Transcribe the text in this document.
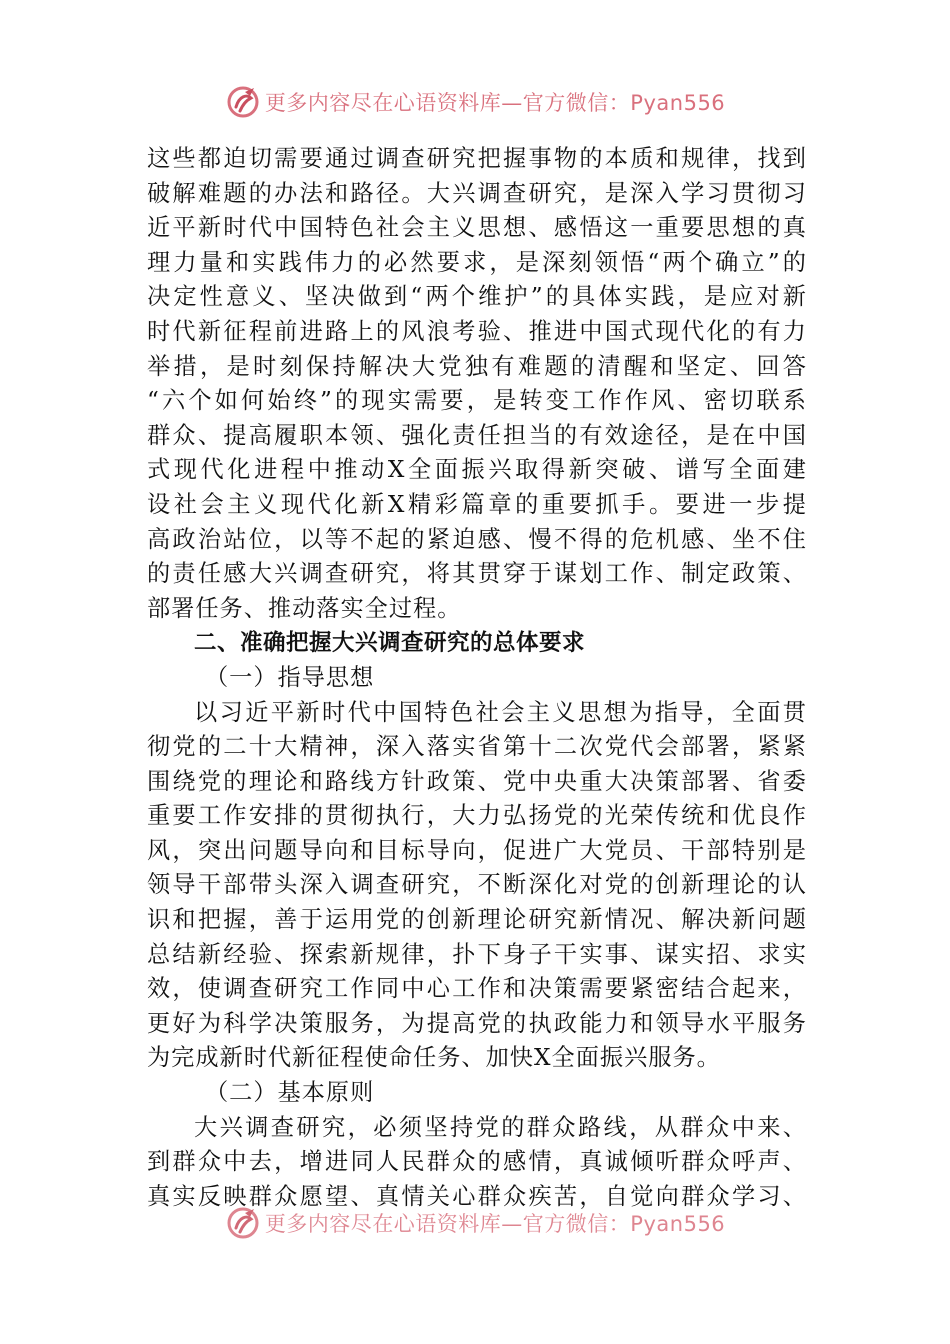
更多内容尽在心语资料库—官方微信：Pyan556

这些都迫切需要通过调查研究把握事物的本质和规律，找到

破解难题的办法和路径。大兴调查研究，是深入学习贯彻习

近平新时代中国特色社会主义思想、感悟这一重要思想的真

理力量和实践伟力的必然要求，是深刻领悟“两个确立”的

决定性意义、坚决做到“两个维护”的具体实践，是应对新

时代新征程前进路上的风浪考验、推进中国式现代化的有力

举措，是时刻保持解决大党独有难题的清醒和坚定、回答

“六个如何始终”的现实需要，是转变工作作风、密切联系

群众、提高履职本领、强化责任担当的有效途径，是在中国

式现代化进程中推动X全面振兴取得新突破、谱写全面建

设社会主义现代化新X精彩篇章的重要抓手。要进一步提

高政治站位，以等不起的紧迫感、慢不得的危机感、坐不住

的责任感大兴调查研究，将其贯穿于谋划工作、制定政策、

部署任务、推动落实全过程。

二、准确把握大兴调查研究的总体要求

（一）指导思想

以习近平新时代中国特色社会主义思想为指导，全面贯

彻党的二十大精神，深入落实省第十二次党代会部署，紧紧

围绕党的理论和路线方针政策、党中央重大决策部署、省委

重要工作安排的贯彻执行，大力弘扬党的光荣传统和优良作

风，突出问题导向和目标导向，促进广大党员、干部特别是

领导干部带头深入调查研究，不断深化对党的创新理论的认

识和把握，善于运用党的创新理论研究新情况、解决新问题

总结新经验、探索新规律，扑下身子干实事、谋实招、求实

效，使调查研究工作同中心工作和决策需要紧密结合起来，

更好为科学决策服务，为提高党的执政能力和领导水平服务

为完成新时代新征程使命任务、加快X全面振兴服务。

（二）基本原则

大兴调查研究，必须坚持党的群众路线，从群众中来、

到群众中去，增进同人民群众的感情，真诚倾听群众呼声、

真实反映群众愿望、真情关心群众疾苦，自觉向群众学习、

更多内容尽在心语资料库—官方微信：Pyan556
